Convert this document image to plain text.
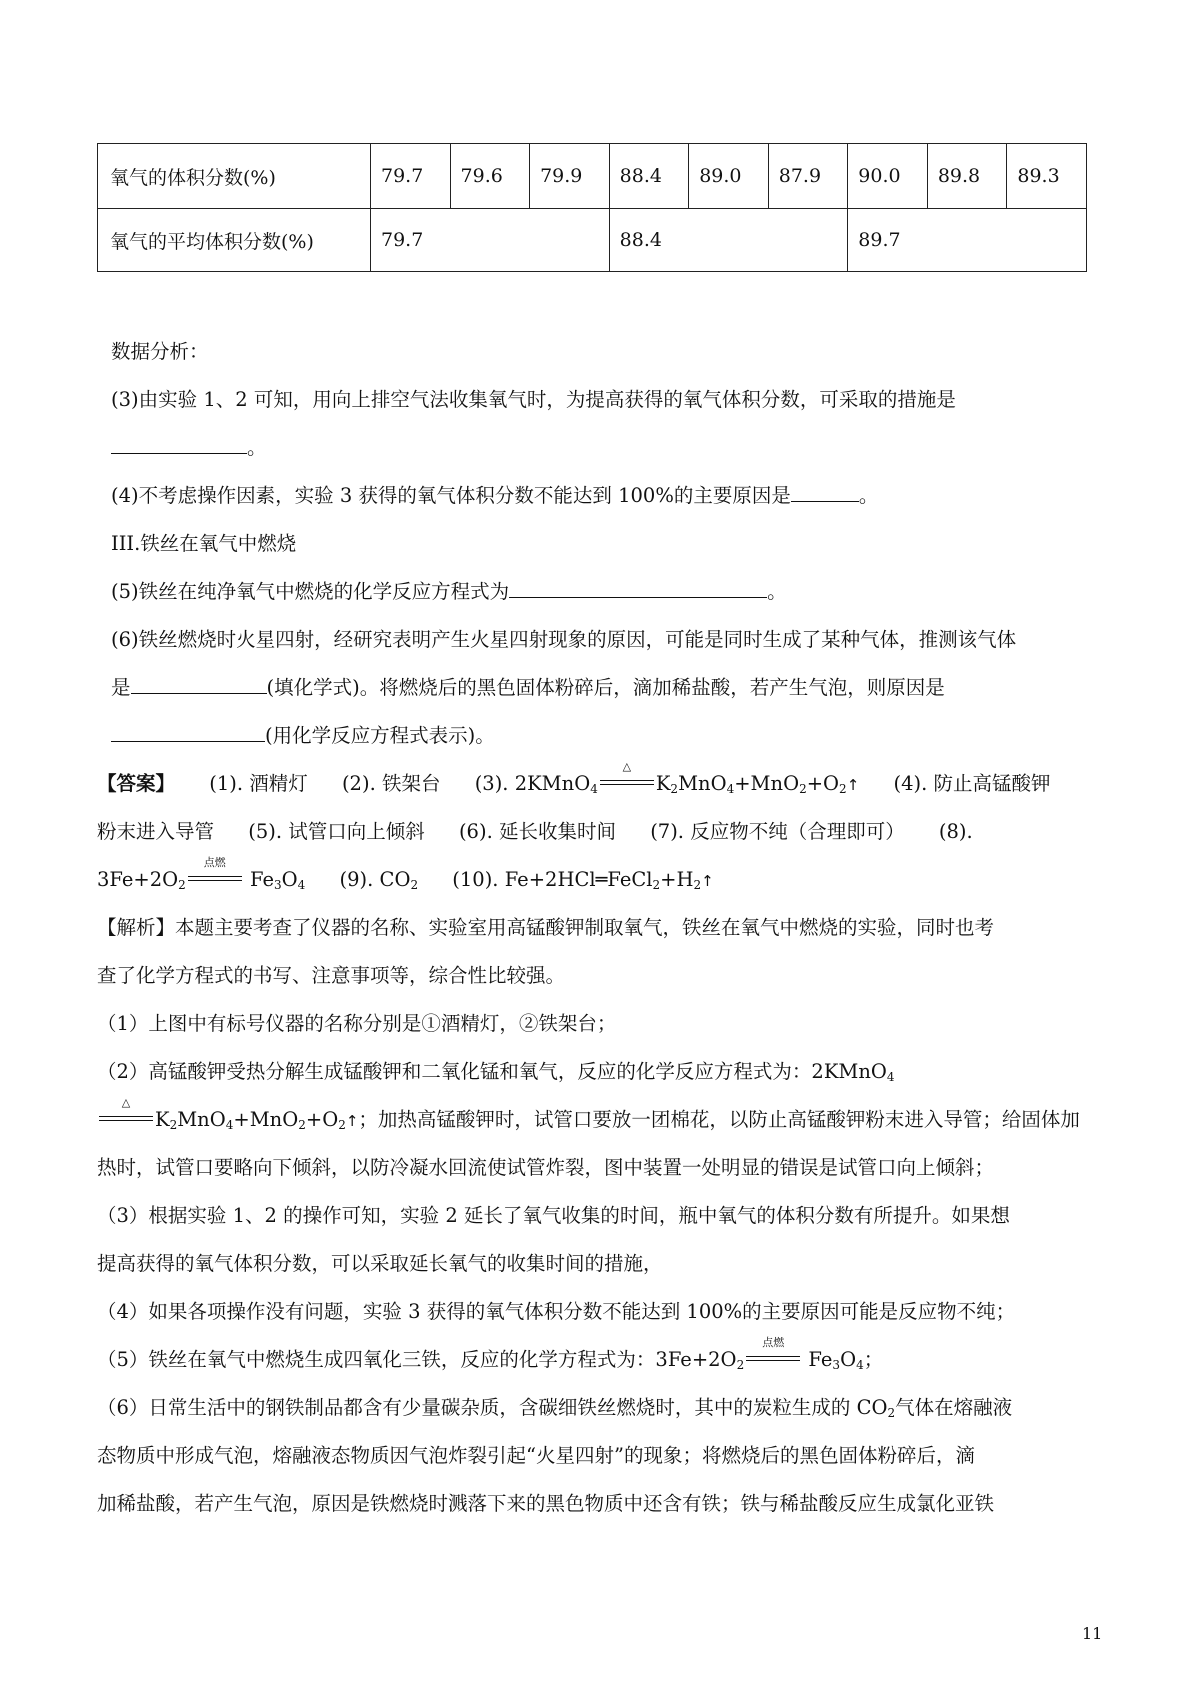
氧气的体积分数(%)	79.7	79.6	79.9	88.4	89.0	87.9	90.0	89.8	89.3
氧气的平均体积分数(%)	79.7			88.4			89.7		
数据分析：
(3)由实验 1、2 可知，用向上排空气法收集氧气时，为提高获得的氧气体积分数，可采取的措施是
。
(4)不考虑操作因素，实验 3 获得的氧气体积分数不能达到 100%的主要原因是	。
III.铁丝在氧气中燃烧
(5)铁丝在纯净氧气中燃烧的化学反应方程式为	。
(6)铁丝燃烧时火星四射，经研究表明产生火星四射现象的原因，可能是同时生成了某种气体，推测该气体
是	(填化学式)。将燃烧后的黑色固体粉碎后，滴加稀盐酸，若产生气泡，则原因是
(用化学反应方程式表示)。
【答案】 (1). 酒精灯 (2). 铁架台 (3). 2KMnO$_4$
△
$K_2MnO_4+MnO_2+O_2↑$ (4). 防止高锰酸钾
粉末进入导管 (5). 试管口向上倾斜 (6). 延长收集时间 (7). 反应物不纯（合理即可） (8).
$3Fe+2O_2$
点燃
$Fe_3O_4$ (9). $CO_2$ (10). $Fe+2HCl═FeCl_2+H_2↑$
【解析】本题主要考查了仪器的名称、实验室用高锰酸钾制取氧气，铁丝在氧气中燃烧的实验，同时也考
查了化学方程式的书写、注意事项等，综合性比较强。
（1）上图中有标号仪器的名称分别是①酒精灯，②铁架台；
（2）高锰酸钾受热分解生成锰酸钾和二氧化锰和氧气，反应的化学反应方程式为：2KMnO$_4$
△
$K_2MnO_4+MnO_2+O_2↑$；加热高锰酸钾时，试管口要放一团棉花，以防止高锰酸钾粉末进入导管；给固体加
热时，试管口要略向下倾斜，以防冷凝水回流使试管炸裂，图中装置一处明显的错误是试管口向上倾斜；
（3）根据实验 1、2 的操作可知，实验 2 延长了氧气收集的时间，瓶中氧气的体积分数有所提升。如果想
提高获得的氧气体积分数，可以采取延长氧气的收集时间的措施，
（4）如果各项操作没有问题，实验 3 获得的氧气体积分数不能达到 100%的主要原因可能是反应物不纯；
（5）铁丝在氧气中燃烧生成四氧化三铁，反应的化学方程式为：$3Fe+2O_2$
点燃
$Fe_3O_4$；
（6）日常生活中的钢铁制品都含有少量碳杂质，含碳细铁丝燃烧时，其中的炭粒生成的 $CO_2$气体在熔融液
态物质中形成气泡，熔融液态物质因气泡炸裂引起“火星四射”的现象；将燃烧后的黑色固体粉碎后，滴
加稀盐酸，若产生气泡，原因是铁燃烧时溅落下来的黑色物质中还含有铁；铁与稀盐酸反应生成氯化亚铁
11
